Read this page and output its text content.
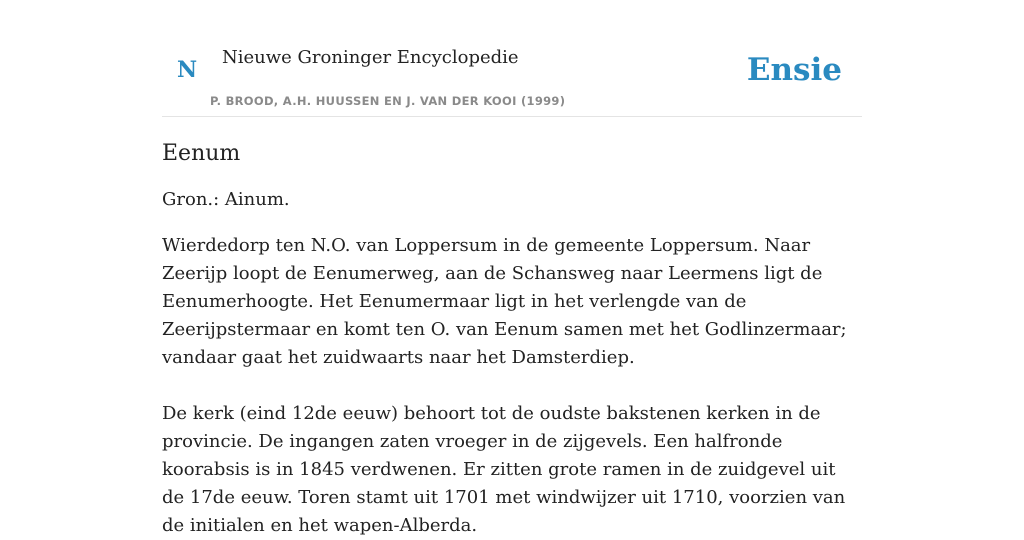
N Nieuwe Groninger Encyclopedie
P. BROOD, A.H. HUUSSEN EN J. VAN DER KOOI (1999)
Ensie
Eenum

Gron.: Ainum.

Wierdedorp ten N.O. van Loppersum in de gemeente Loppersum. Naar Zeerijp loopt de Eenumerweg, aan de Schansweg naar Leermens ligt de Eenumerhoogte. Het Eenumermaar ligt in het verlengde van de Zeerijpstermaar en komt ten O. van Eenum samen met het Godlinzermaar; vandaar gaat het zuidwaarts naar het Damsterdiep.

De kerk (eind 12de eeuw) behoort tot de oudste bakstenen kerken in de provincie. De ingangen zaten vroeger in de zijgevels. Een halfronde koorabsis is in 1845 verdwenen. Er zitten grote ramen in de zuidgevel uit de 17de eeuw. Toren stamt uit 1701 met windwijzer uit 1710, voorzien van de initialen en het wapen-Alberda.
